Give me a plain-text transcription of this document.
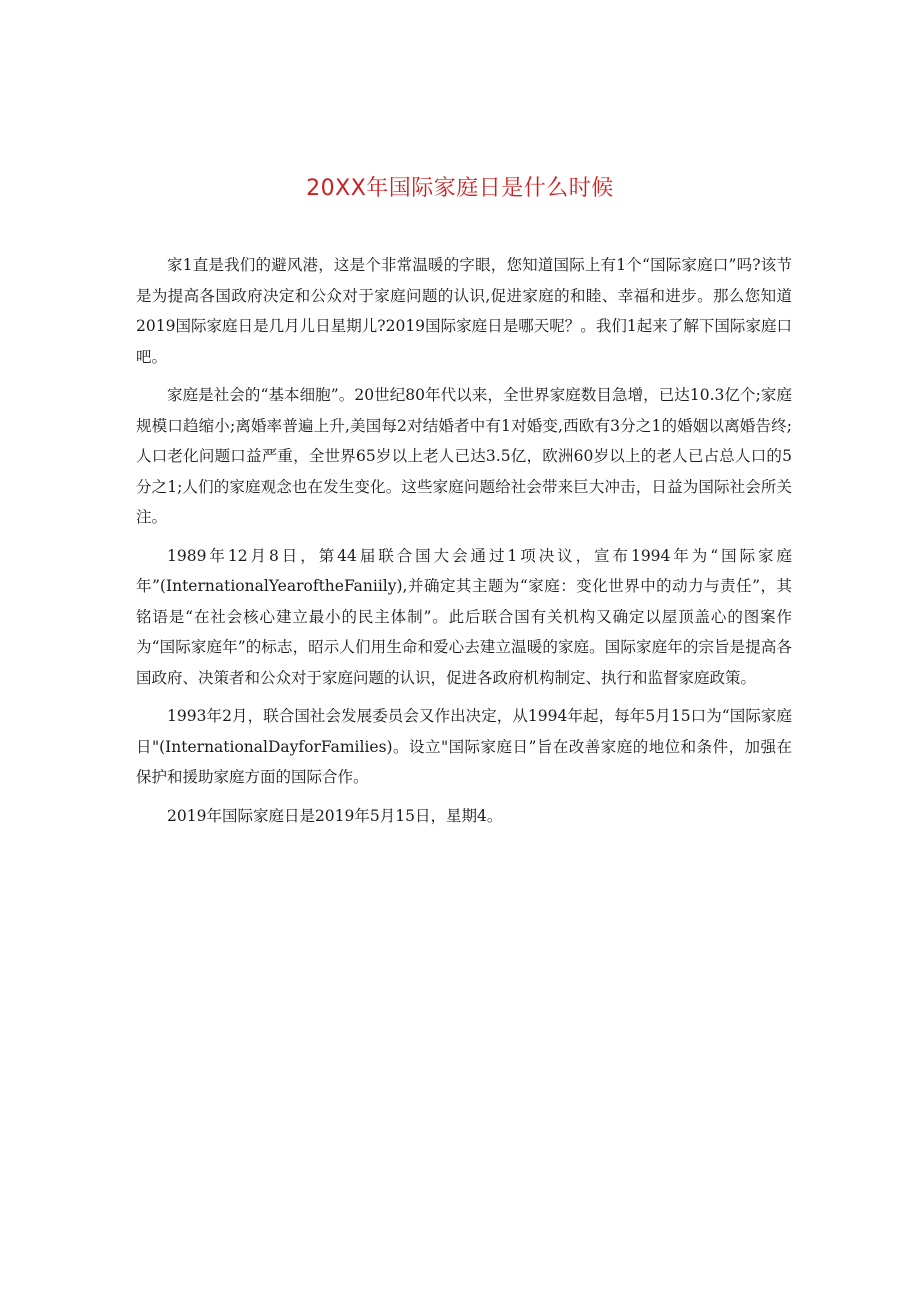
20XX年国际家庭日是什么时候

家1直是我们的避风港，这是个非常温暖的字眼，您知道国际上有1个“国际家庭口”吗?该节是为提高各国政府决定和公众对于家庭问题的认识,促进家庭的和睦、幸福和进步。那么您知道2019国际家庭日是几月儿日星期儿?2019国际家庭日是哪天呢？。我们1起来了解下国际家庭口吧。

家庭是社会的“基本细胞”。20世纪80年代以来，全世界家庭数目急增，已达10.3亿个;家庭规模口趋缩小;离婚率普遍上升,美国每2对结婚者中有1对婚变,西欧有3分之1的婚姻以离婚告终;人口老化问题口益严重，全世界65岁以上老人已达3.5亿，欧洲60岁以上的老人已占总人口的5分之1;人们的家庭观念也在发生变化。这些家庭问题给社会带来巨大冲击，日益为国际社会所关注。

1989年12月8日，第44届联合国大会通过1项决议，宣布1994年为“国际家庭年”(InternationalYearoftheFaniily),并确定其主题为“家庭：变化世界中的动力与责任”，其铭语是“在社会核心建立最小的民主体制”。此后联合国有关机构又确定以屋顶盖心的图案作为“国际家庭年”的标志，昭示人们用生命和爱心去建立温暖的家庭。国际家庭年的宗旨是提高各国政府、决策者和公众对于家庭问题的认识，促进各政府机构制定、执行和监督家庭政策。

1993年2月，联合国社会发展委员会又作出决定，从1994年起，每年5月15口为“国际家庭日"(InternationalDayforFamilies)。设立"国际家庭日”旨在改善家庭的地位和条件，加强在保护和援助家庭方面的国际合作。

2019年国际家庭日是2019年5月15日，星期4。
